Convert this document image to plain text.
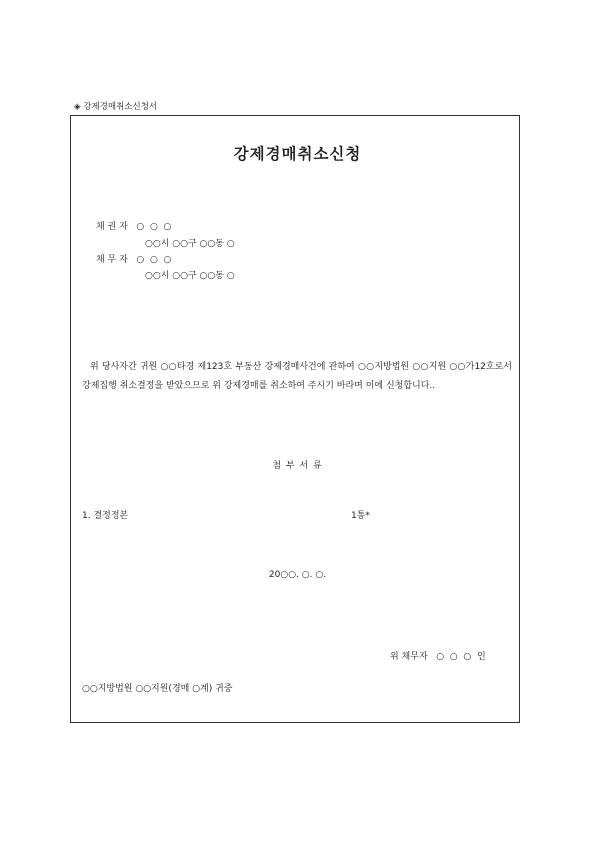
◈ 강제경매취소신청서
강제경매취소신청
채 권 자 ○  ○  ○
○○시 ○○구 ○○동 ○
채 무 자 ○  ○  ○
○○시 ○○구 ○○동 ○
위 당사자간 귀원 ○○타경 제123호 부동산 강제경매사건에 관하여 ○○지방법원 ○○지원 ○○가12호로서 강제집행 취소결정을 받았으므로 위 강제경매를 취소하여 주시기 바라며 이에 신청합니다..
첨 부 서 류
1. 결정정본	1통*
20○○. ○. ○.
위 채무자   ○  ○  ○  인
○○지방법원 ○○지원(경매 ○계) 귀중
